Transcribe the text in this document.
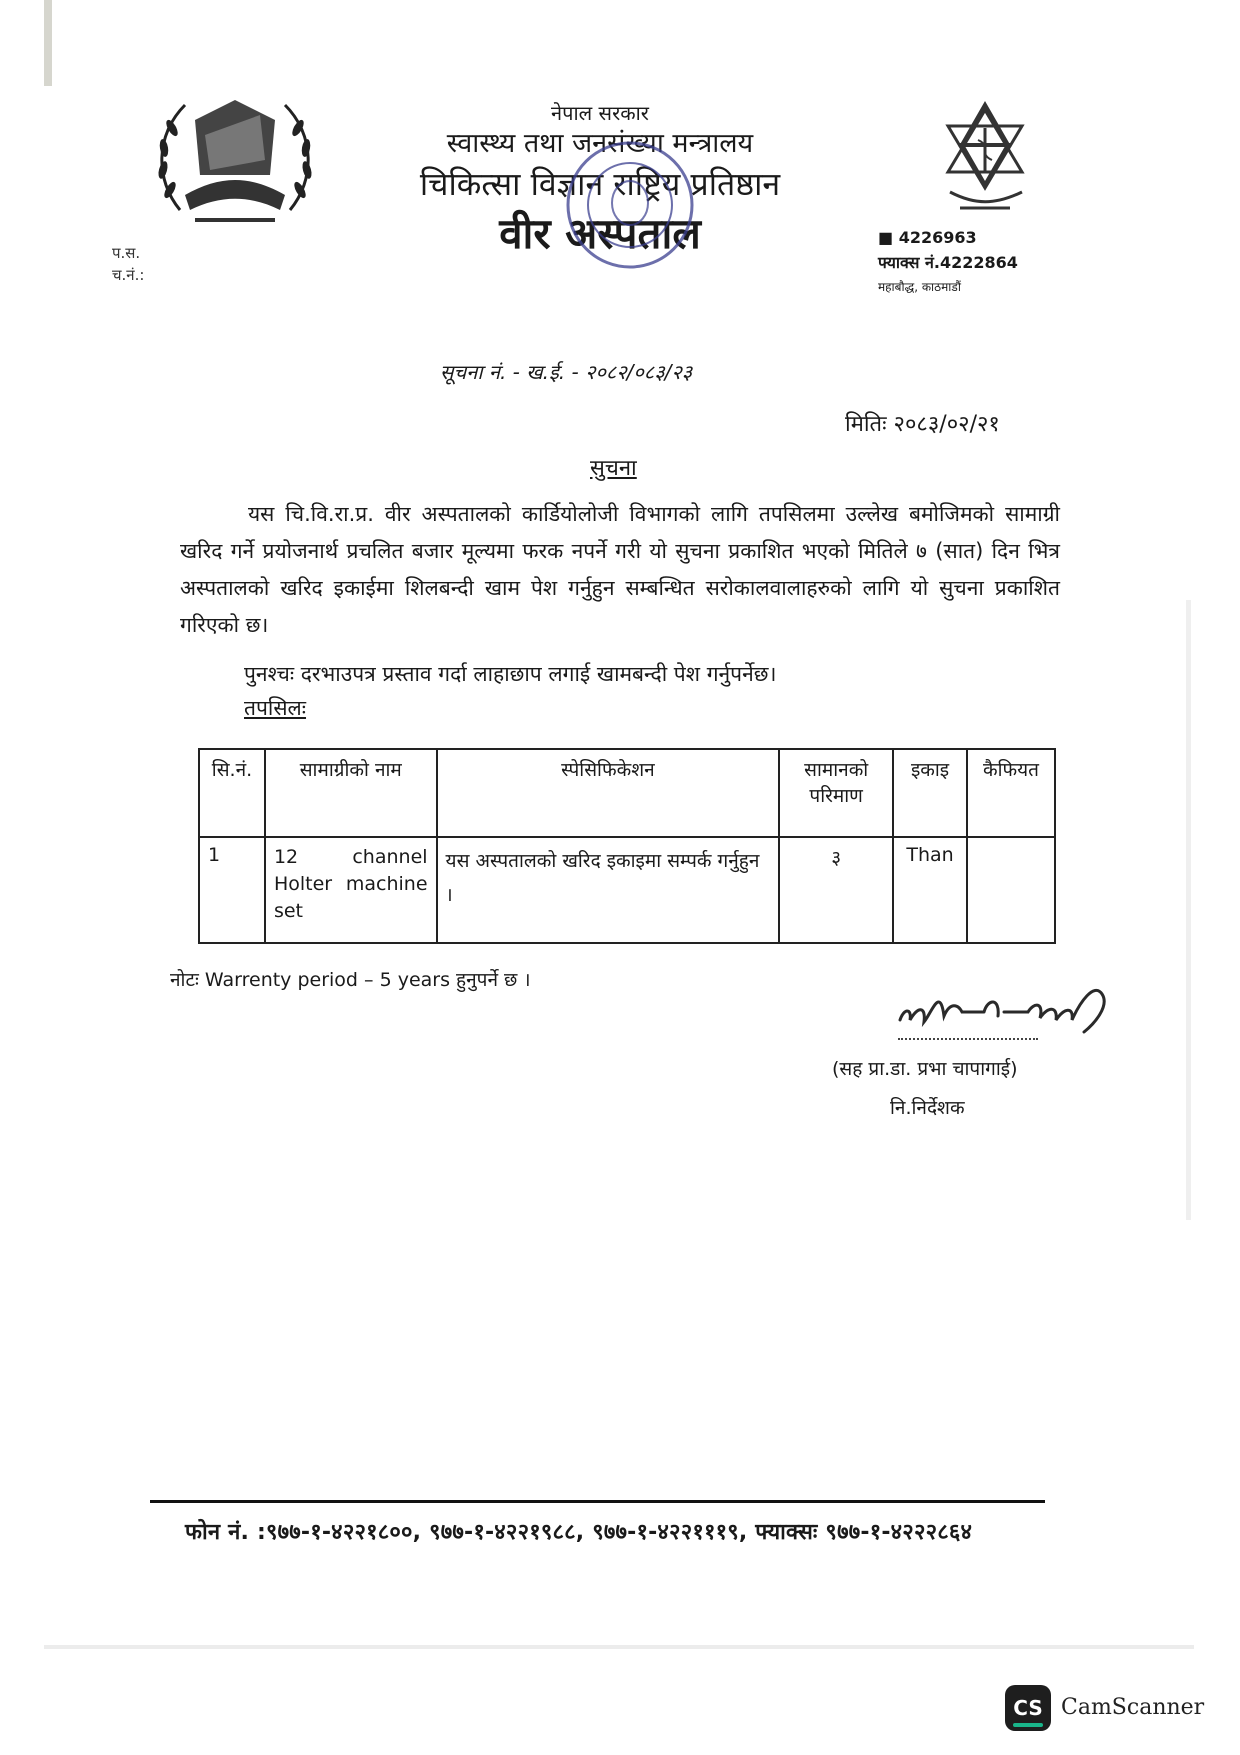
नेपाल सरकार
स्वास्थ्य तथा जनसंख्या मन्त्रालय
चिकित्सा विज्ञान राष्ट्रिय प्रतिष्ठान
वीर अस्पताल
प.स.
च.नं.:
■ 4226963
फ्याक्स नं.4222864
महाबौद्ध, काठमाडौं
सूचना नं. - ख.ई. - २०८२/०८३/२३
मितिः २०८३/०२/२१
सुचना
यस चि.वि.रा.प्र. वीर अस्पतालको कार्डियोलोजी विभागको लागि तपसिलमा उल्लेख बमोजिमको सामाग्री खरिद गर्ने प्रयोजनार्थ प्रचलित बजार मूल्यमा फरक नपर्ने गरी यो सुचना प्रकाशित भएको मितिले ७ (सात) दिन भित्र अस्पतालको खरिद इकाईमा शिलबन्दी खाम पेश गर्नुहुन सम्बन्धित सरोकालवालाहरुको लागि यो सुचना प्रकाशित गरिएको छ।
पुनश्चः दरभाउपत्र प्रस्ताव गर्दा लाहाछाप लगाई खामबन्दी पेश गर्नुपर्नेछ।
तपसिलः
सि.नं.	सामाग्रीको नाम	स्पेसिफिकेशन	सामानको परिमाण	इकाइ	कैफियत
1	12 channel
Holter machine
set	यस अस्पतालको खरिद इकाइमा सम्पर्क गर्नुहुन ।	३	Than	
नोटः Warrenty period – 5 years हुनुपर्ने छ ।
(सह प्रा.डा. प्रभा चापागाई)
नि.निर्देशक
फोन नं. :९७७-१-४२२१८००, ९७७-१-४२२१९८८, ९७७-१-४२२१११९, फ्याक्सः ९७७-१-४२२२८६४
CS CamScanner
